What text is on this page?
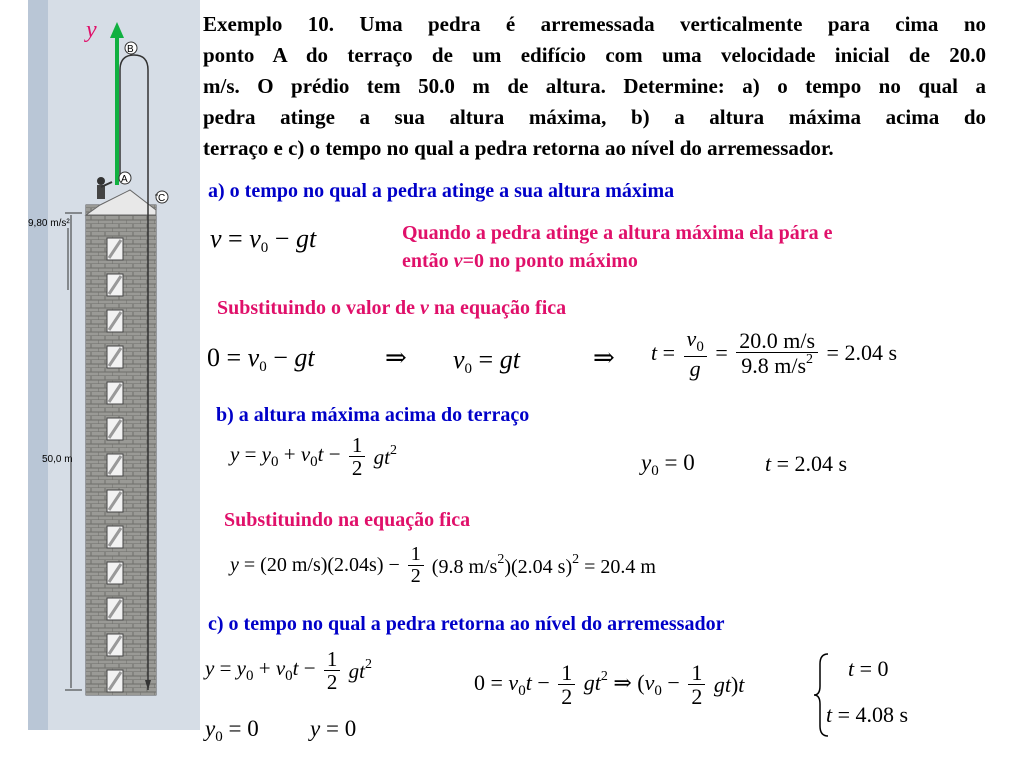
y
B
A
C
9,80 m/s²
50,0 m
Exemplo 10. Uma pedra é arremessada verticalmente para cima no
ponto A do terraço de um edifício com uma velocidade inicial de 20.0
m/s. O prédio tem 50.0 m de altura. Determine: a) o tempo no qual a
pedra atinge a sua altura máxima, b) a altura máxima acima do
terraço e c) o tempo no qual a pedra retorna ao nível do arremessador.
a) o tempo no qual a pedra atinge a sua altura máxima
$v = v_0$ − gt	Quando a pedra atinge a altura máxima ela pára e
então v=0 no ponto máximo
Substituindo o valor de v na equação fica
$0 = v_0$ − gt	⇒ $v_0$ = gt	⇒ $t = \frac{v_0}{g} = \frac{20.0 m/s}{9.8 m/s^2} = 2.04$ s
b) a altura máxima acima do terraço
$y = y_0 + v_0t - \frac{1}{2} gt^2$	$y_0 = 0$	t = 2.04 s
Substituindo na equação fica
y = (20 $m/s)(2.04s) - \frac{1}{2} (9.8$ $m/s^2)(2.04$ s)$^2$ = 20.4 m
c) o tempo no qual a pedra retorna ao nível do arremessador
$y = y_0 + v_0t - \frac{1}{2} gt^2$
$y_0 = 0$ y = 0
$0 = v_0t - \frac{1}{2} gt^2$ ⇒ $(v_0 - \frac{1}{2} gt)t$
t = 0
t = 4.08 s
